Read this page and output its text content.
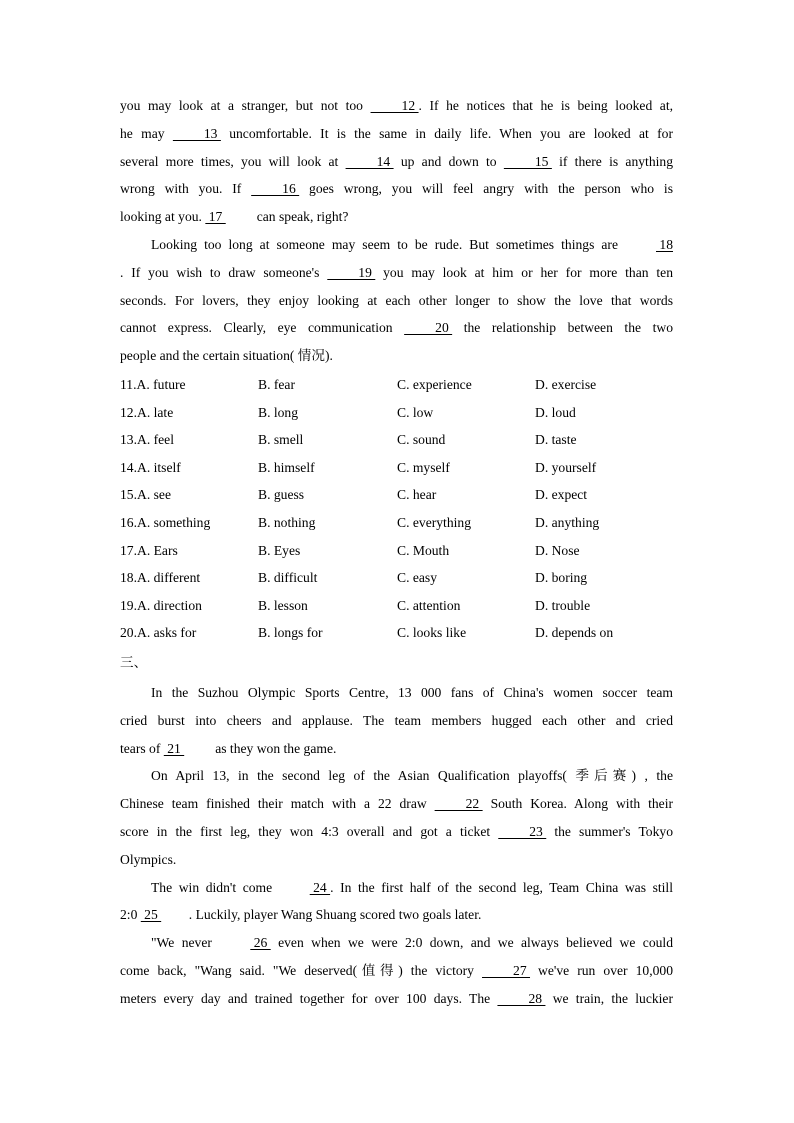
you may look at a stranger, but not too  12 . If he notices that he is being looked at,
he may  13  uncomfortable. It is the same in daily life. When you are looked at for
several more times, you will look at  14  up and down to  15  if there is anything
wrong with you. If  16  goes wrong, you will feel angry with the person who is
looking at you.  17  can speak, right?
Looking too long at someone may seem to be rude. But sometimes things are  18
. If you wish to draw someone's  19  you may look at him or her for more than ten
seconds. For lovers, they enjoy looking at each other longer to show the love that words
cannot express. Clearly, eye communication  20  the relationship between the two
people and the certain situation( 情况).
11.A. future	B. fear	C. experience	D. exercise
12.A. late	B. long	C. low	D. loud
13.A. feel	B. smell	C. sound	D. taste
14.A. itself	B. himself	C. myself	D. yourself
15.A. see	B. guess	C. hear	D. expect
16.A. something	B. nothing	C. everything	D. anything
17.A. Ears	B. Eyes	C. Mouth	D. Nose
18.A. different	B. difficult	C. easy	D. boring
19.A. direction	B. lesson	C. attention	D. trouble
20.A. asks for	B. longs for	C. looks like	D. depends on
三、
In the Suzhou Olympic Sports Centre, 13 000 fans of China's women soccer team
cried burst into cheers and applause. The team members hugged each other and cried
tears of  21  as they won the game.
On April 13, in the second leg of the Asian Qualification playoffs( 季后赛) , the
Chinese team finished their match with a 22 draw  22  South Korea. Along with their
score in the first leg, they won 4:3 overall and got a ticket  23  the summer's Tokyo
Olympics.
The win didn't come  24 . In the first half of the second leg, Team China was still
2:0  25 . Luckily, player Wang Shuang scored two goals later.
"We never  26  even when we were 2:0 down, and we always believed we could
come back, "Wang said. "We deserved(值得) the victory  27  we've run over 10,000
meters every day and trained together for over 100 days. The  28  we train, the luckier
